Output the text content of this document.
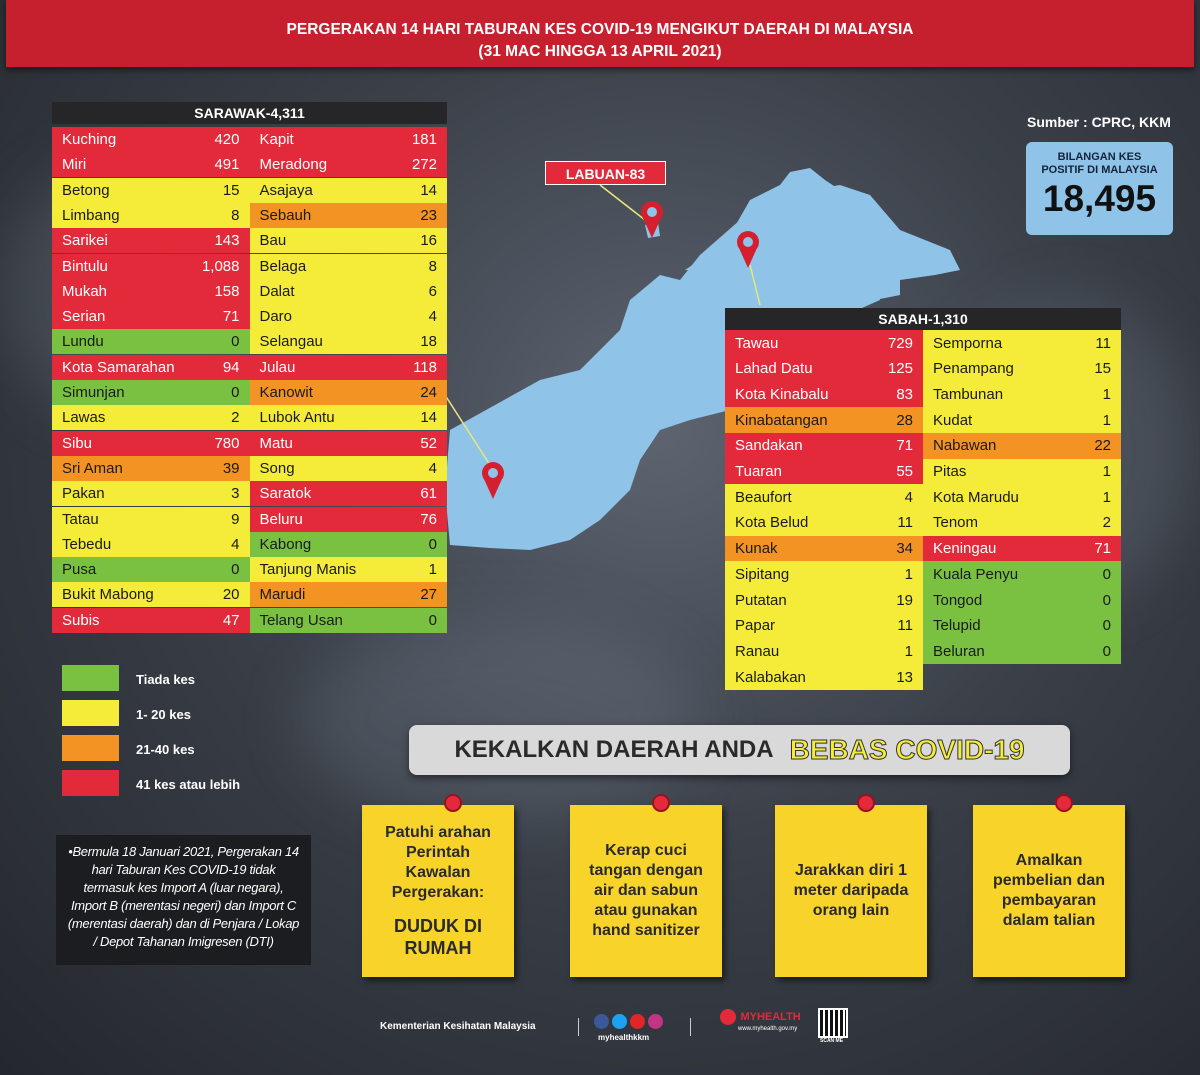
PERGERAKAN 14 HARI TABURAN KES COVID-19 MENGIKUT DAERAH DI MALAYSIA
(31 MAC HINGGA 13 APRIL 2021)
LABUAN-83
Sumber : CPRC, KKM
BILANGAN KES
POSITIF DI MALAYSIA
18,495
SARAWAK-4,311
Kuching	420
Miri	491
Betong	15
Limbang	8
Sarikei	143
Bintulu	1,088
Mukah	158
Serian	71
Lundu	0
Kota Samarahan	94
Simunjan	0
Lawas	2
Sibu	780
Sri Aman	39
Pakan	3
Tatau	9
Tebedu	4
Pusa	0
Bukit Mabong	20
Subis	47
Kapit	181
Meradong	272
Asajaya	14
Sebauh	23
Bau	16
Belaga	8
Dalat	6
Daro	4
Selangau	18
Julau	118
Kanowit	24
Lubok Antu	14
Matu	52
Song	4
Saratok	61
Beluru	76
Kabong	0
Tanjung Manis	1
Marudi	27
Telang Usan	0
SABAH-1,310
Tawau	729
Lahad Datu	125
Kota Kinabalu	83
Kinabatangan	28
Sandakan	71
Tuaran	55
Beaufort	4
Kota Belud	11
Kunak	34
Sipitang	1
Putatan	19
Papar	11
Ranau	1
Kalabakan	13
Semporna	11
Penampang	15
Tambunan	1
Kudat	1
Nabawan	22
Pitas	1
Kota Marudu	1
Tenom	2
Keningau	71
Kuala Penyu	0
Tongod	0
Telupid	0
Beluran	0
Tiada kes
1- 20 kes
21-40 kes
41 kes atau lebih
•Bermula 18 Januari 2021, Pergerakan 14 hari Taburan Kes COVID-19 tidak termasuk kes Import A (luar negara), Import B (merentasi negeri) dan Import C (merentasi daerah) dan di Penjara / Lokap / Depot Tahanan Imigresen (DTI)
KEKALKAN DAERAH ANDA BEBAS COVID-19
Patuhi arahan Perintah Kawalan Pergerakan:
DUDUK DI RUMAH
Kerap cuci tangan dengan air dan sabun atau gunakan hand sanitizer
Jarakkan diri 1 meter daripada orang lain
Amalkan pembelian dan pembayaran dalam talian
Kementerian Kesihatan Malaysia
myhealthkkm
MYHEALTH
www.myhealth.gov.my
SCAN ME
